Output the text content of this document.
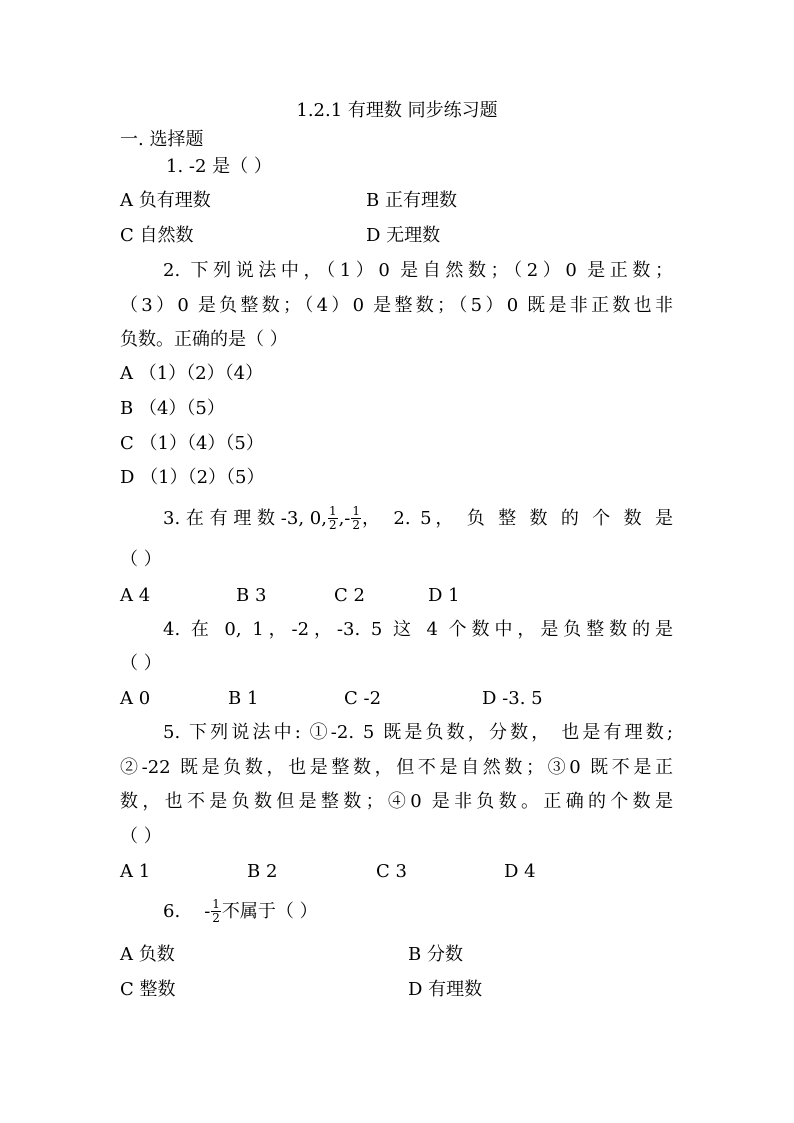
1.2.1 有理数 同步练习题
一. 选择题
1. -2 是（ ）
A 负有理数	B 正有理数
C 自然数	D 无理数
2. 下列说法中，（1）0 是自然数；（2）0 是正数；
（3）0 是负整数；（4）0 是整数；（5）0 既是非正数也非
负数。正确的是（ ）
A （1）（2）（4）
B （4）（5）
C （1）（4）（5）
D （1）（2）（5）
3. 在 有 理 数 -3, 0, $\frac{1}{2}$ ,- $\frac{1}{2}$ ， 2. 5， 负 整 数 的 个 数 是
（ ）
A 4	B 3	C 2	D 1
4. 在 0, 1，-2，-3. 5 这 4 个数中，是负整数的是
（ ）
A 0	B 1	C -2	D -3. 5
5. 下列说法中: ①-2. 5 既是负数，分数， 也是有理数;
②-22 既是负数，也是整数，但不是自然数；③0 既不是正
数，也不是负数但是整数；④0 是非负数。正确的个数是
（ ）
A 1	B 2	C 3	D 4
6. - $\frac{1}{2}$ 不属于（ ）
A 负数	B 分数
C 整数	D 有理数
